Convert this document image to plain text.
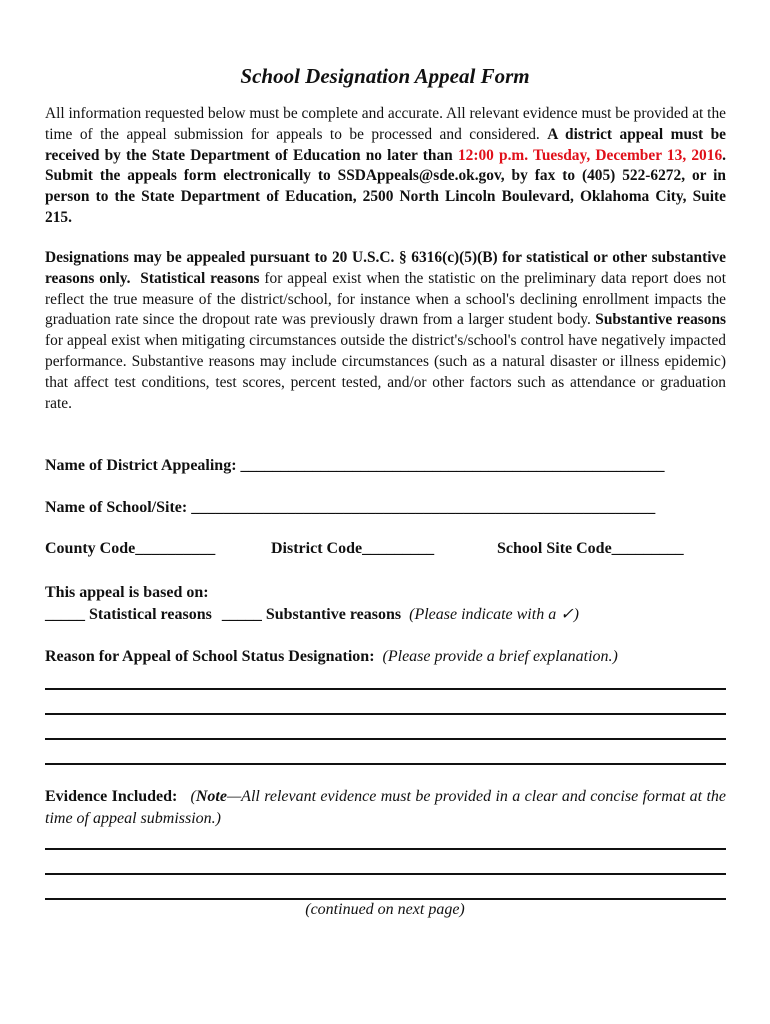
School Designation Appeal Form

All information requested below must be complete and accurate. All relevant evidence must be provided at the time of the appeal submission for appeals to be processed and considered. A district appeal must be received by the State Department of Education no later than 12:00 p.m. Tuesday, December 13, 2016. Submit the appeals form electronically to SSDAppeals@sde.ok.gov, by fax to (405) 522-6272, or in person to the State Department of Education, 2500 North Lincoln Boulevard, Oklahoma City, Suite 215.

Designations may be appealed pursuant to 20 U.S.C. § 6316(c)(5)(B) for statistical or other substantive reasons only. Statistical reasons for appeal exist when the statistic on the preliminary data report does not reflect the true measure of the district/school, for instance when a school's declining enrollment impacts the graduation rate since the dropout rate was previously drawn from a larger student body. Substantive reasons for appeal exist when mitigating circumstances outside the district's/school's control have negatively impacted performance. Substantive reasons may include circumstances (such as a natural disaster or illness epidemic) that affect test conditions, test scores, percent tested, and/or other factors such as attendance or graduation rate.

Name of District Appealing: _____________________________________________________
Name of School/Site: __________________________________________________________
County Code__________	District Code_________	School Site Code_________
This appeal is based on:
_____ Statistical reasons _____ Substantive reasons (Please indicate with a ✓)
Reason for Appeal of School Status Designation: (Please provide a brief explanation.)

Evidence Included: (Note—All relevant evidence must be provided in a clear and concise format at the time of appeal submission.)

(continued on next page)
